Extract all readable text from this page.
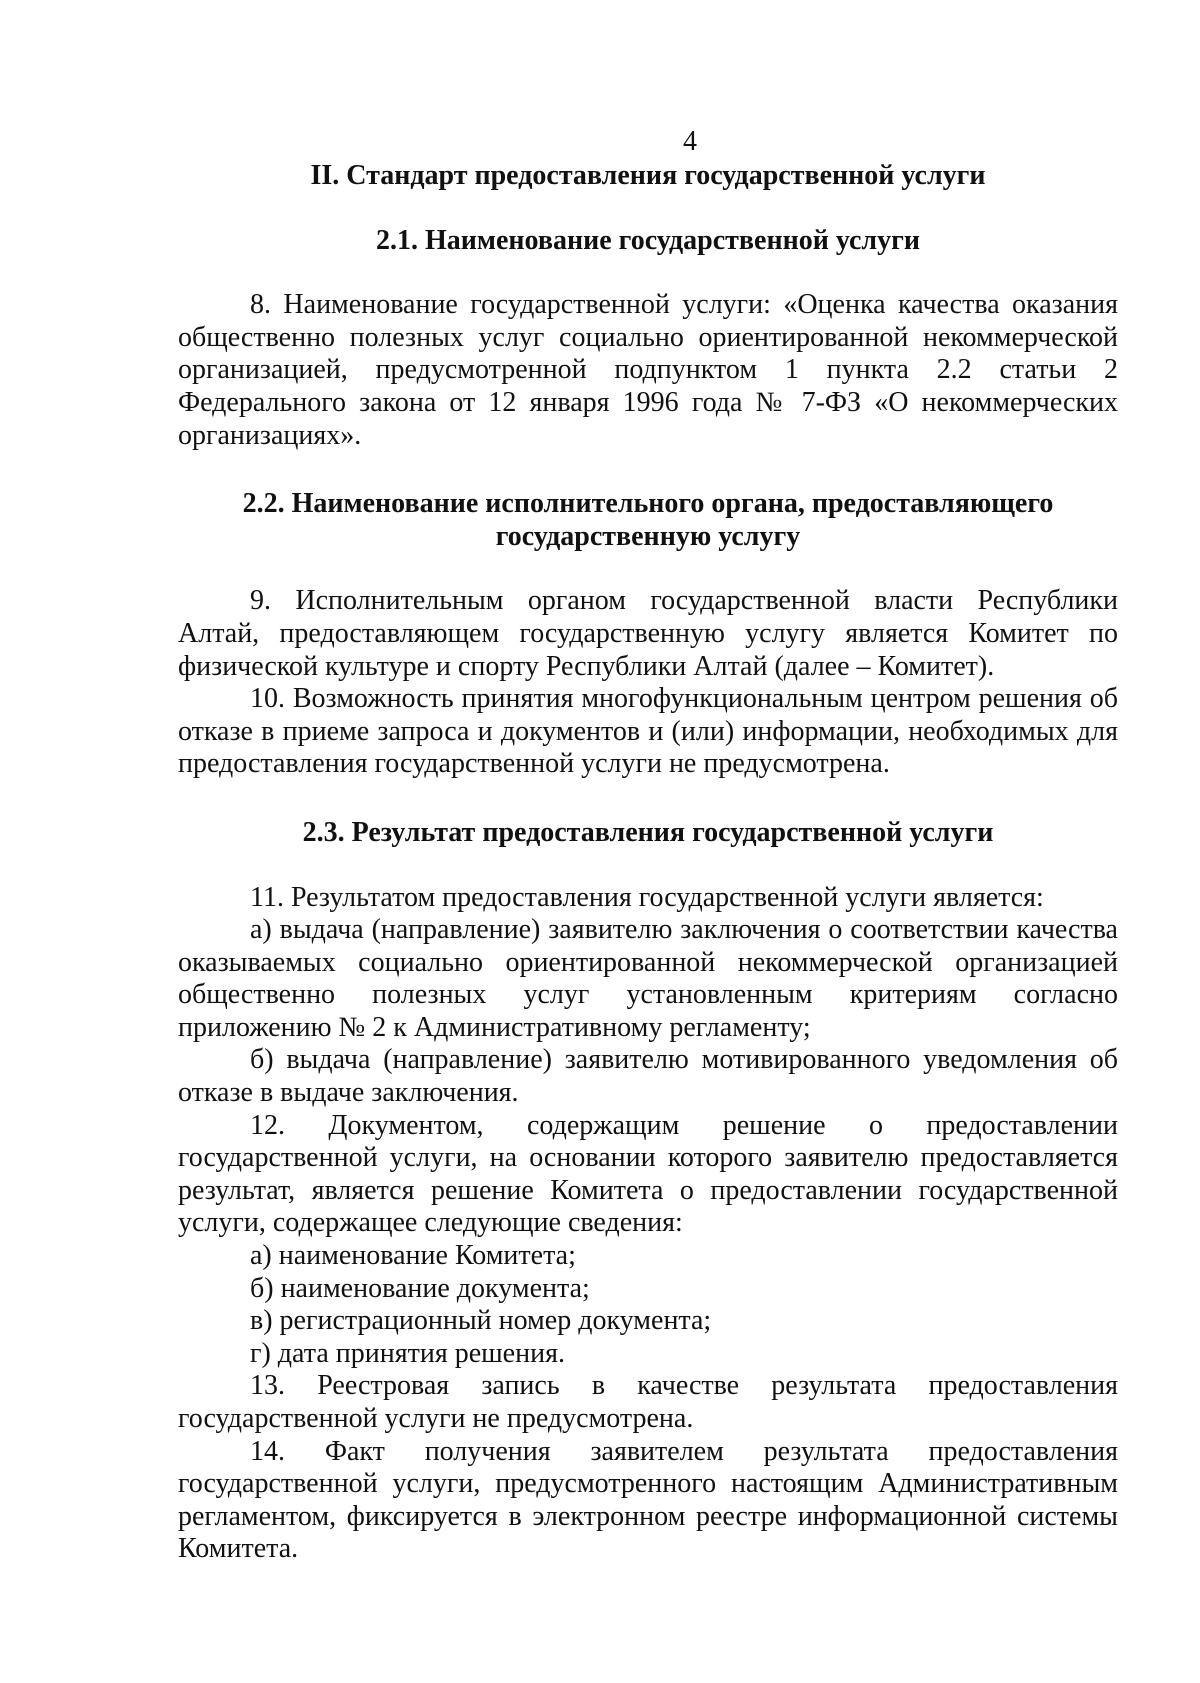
4

II. Стандарт предоставления государственной услуги

2.1. Наименование государственной услуги

8. Наименование государственной услуги: «Оценка качества оказания общественно полезных услуг социально ориентированной некоммерческой организацией, предусмотренной подпунктом 1 пункта 2.2 статьи 2 Федерального закона от 12 января 1996 года № 7-ФЗ «О некоммерческих организациях».

2.2. Наименование исполнительного органа, предоставляющего

государственную услугу

9. Исполнительным органом государственной власти Республики Алтай, предоставляющем государственную услугу является Комитет по физической культуре и спорту Республики Алтай (далее – Комитет).

10. Возможность принятия многофункциональным центром решения об отказе в приеме запроса и документов и (или) информации, необходимых для предоставления государственной услуги не предусмотрена.

2.3. Результат предоставления государственной услуги

11. Результатом предоставления государственной услуги является:

а) выдача (направление) заявителю заключения о соответствии качества оказываемых социально ориентированной некоммерческой организацией общественно полезных услуг установленным критериям согласно приложению № 2 к Административному регламенту;

б) выдача (направление) заявителю мотивированного уведомления об отказе в выдаче заключения.

12. Документом, содержащим решение о предоставлении государственной услуги, на основании которого заявителю предоставляется результат, является решение Комитета о предоставлении государственной услуги, содержащее следующие сведения:

а) наименование Комитета;

б) наименование документа;

в) регистрационный номер документа;

г) дата принятия решения.

13. Реестровая запись в качестве результата предоставления государственной услуги не предусмотрена.

14. Факт получения заявителем результата предоставления государственной услуги, предусмотренного настоящим Административным регламентом, фиксируется в электронном реестре информационной системы Комитета.
